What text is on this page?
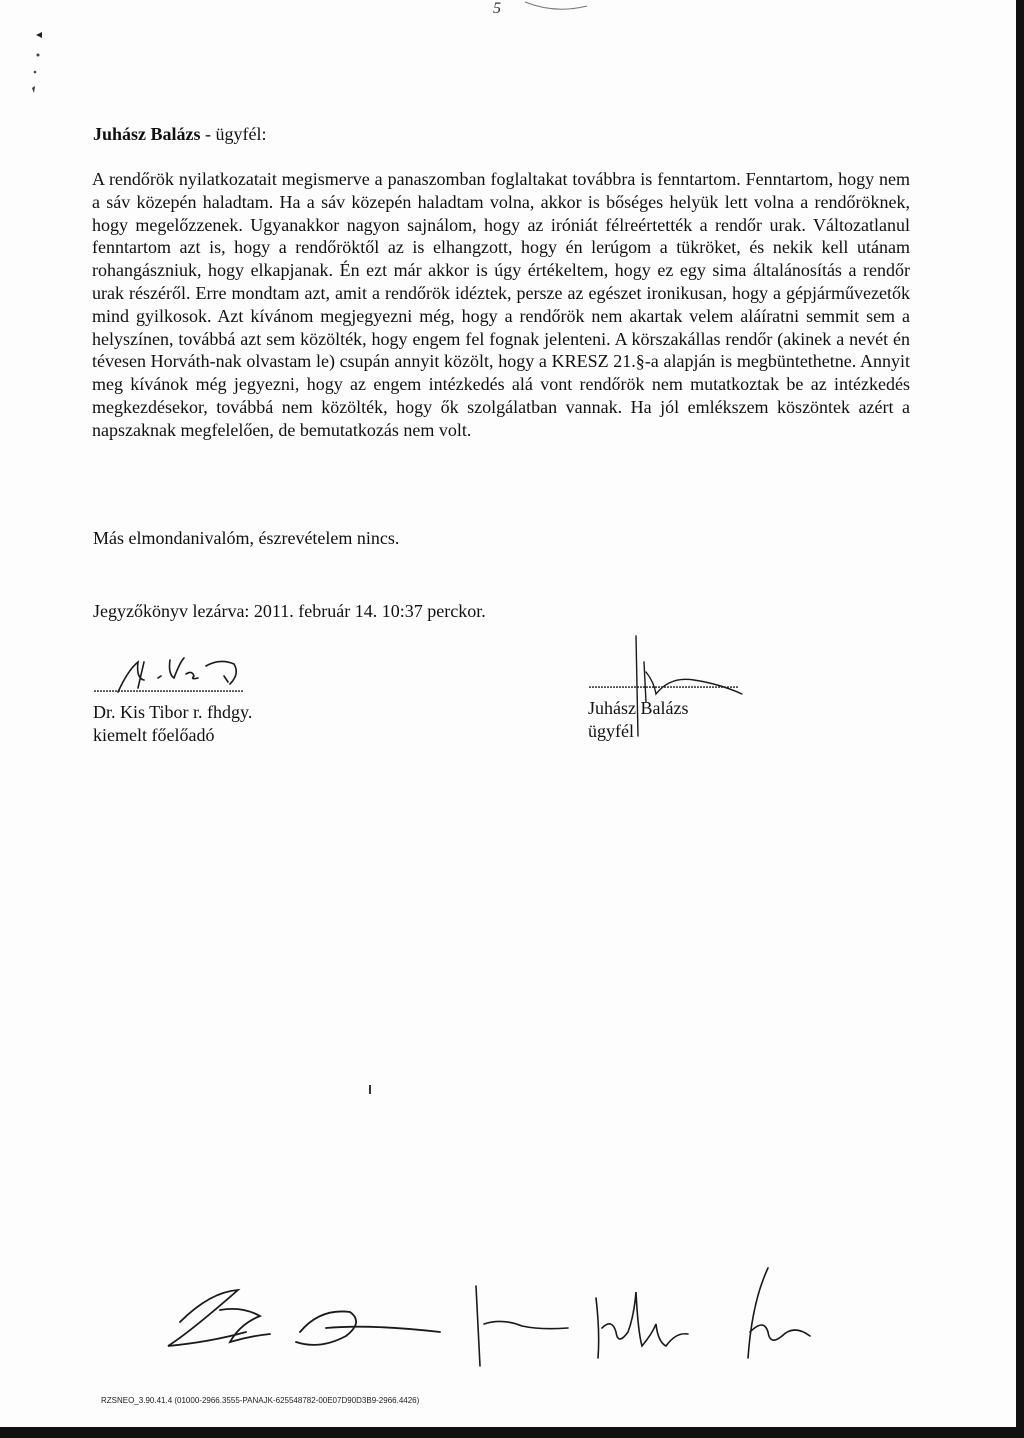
5
Juhász Balázs - ügyfél:

A rendőrök nyilatkozatait megismerve a panaszomban foglaltakat továbbra is fenntartom. Fenntartom, hogy nem a sáv közepén haladtam. Ha a sáv közepén haladtam volna, akkor is bőséges helyük lett volna a rendőröknek, hogy megelőzzenek. Ugyanakkor nagyon sajnálom, hogy az iróniát félreértették a rendőr urak. Változatlanul fenntartom azt is, hogy a rendőröktől az is elhangzott, hogy én lerúgom a tükröket, és nekik kell utánam rohangászniuk, hogy elkapjanak. Én ezt már akkor is úgy értékeltem, hogy ez egy sima általánosítás a rendőr urak részéről. Erre mondtam azt, amit a rendőrök idéztek, persze az egészet ironikusan, hogy a gépjárművezetők mind gyilkosok. Azt kívánom megjegyezni még, hogy a rendőrök nem akartak velem aláíratni semmit sem a helyszínen, továbbá azt sem közölték, hogy engem fel fognak jelenteni. A körszakállas rendőr (akinek a nevét én tévesen Horváth-nak olvastam le) csupán annyit közölt, hogy a KRESZ 21.§-a alapján is megbüntethetne. Annyit meg kívánok még jegyezni, hogy az engem intézkedés alá vont rendőrök nem mutatkoztak be az intézkedés megkezdésekor, továbbá nem közölték, hogy ők szolgálatban vannak. Ha jól emlékszem köszöntek azért a napszaknak megfelelően, de bemutatkozás nem volt.

Más elmondanivalóm, észrevételem nincs.

Jegyzőkönyv lezárva: 2011. február 14. 10:37 perckor.

..................................................
Dr. Kis Tibor r. fhdgy.
kiemelt főelőadó
..................................................
Juhász Balázs
ügyfél
RZSNEO_3.90.41.4 (01000-2966.3555-PANAJK-625548782-00E07D90D3B9-2966.4426)
